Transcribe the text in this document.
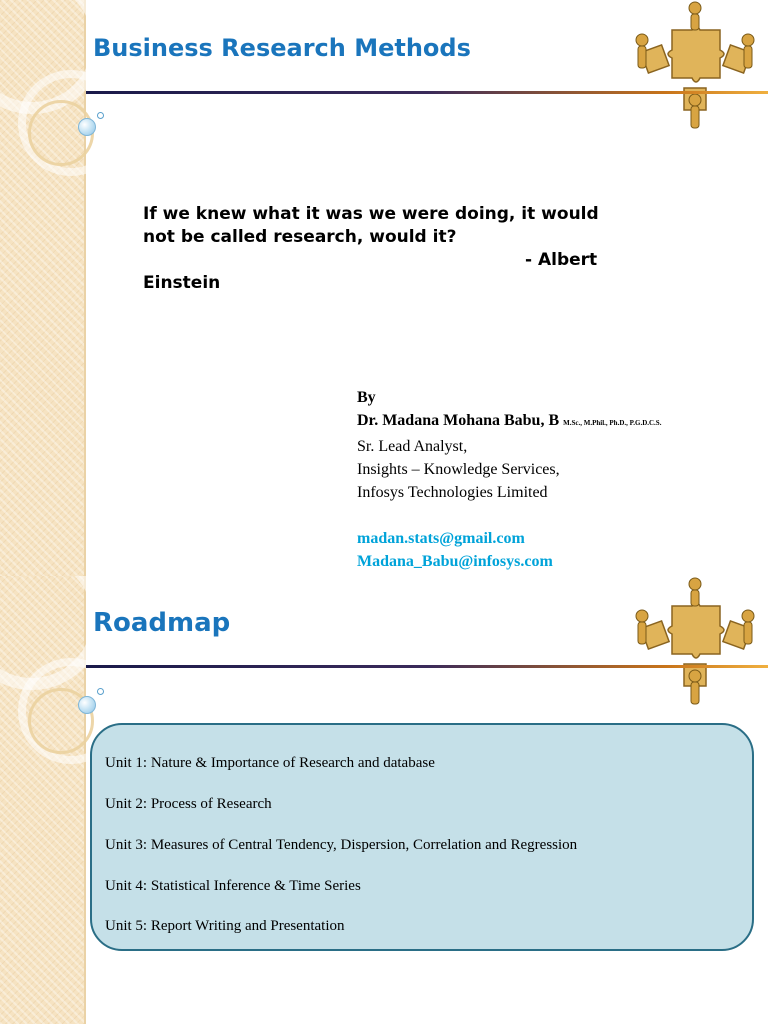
Business Research Methods
If we knew what it was we were doing, it would
not be called research, would it?

- Albert
Einstein
By
Dr. Madana Mohana Babu, B M.Sc., M.Phil., Ph.D., P.G.D.C.S.
Sr. Lead Analyst,
Insights – Knowledge Services,
Infosys Technologies Limited
madan.stats@gmail.com
Madana_Babu@infosys.com
Roadmap
Unit 1: Nature & Importance of Research and database
Unit 2: Process of Research
Unit 3: Measures of Central Tendency, Dispersion, Correlation and Regression
Unit 4: Statistical Inference & Time Series
Unit 5: Report Writing and Presentation
